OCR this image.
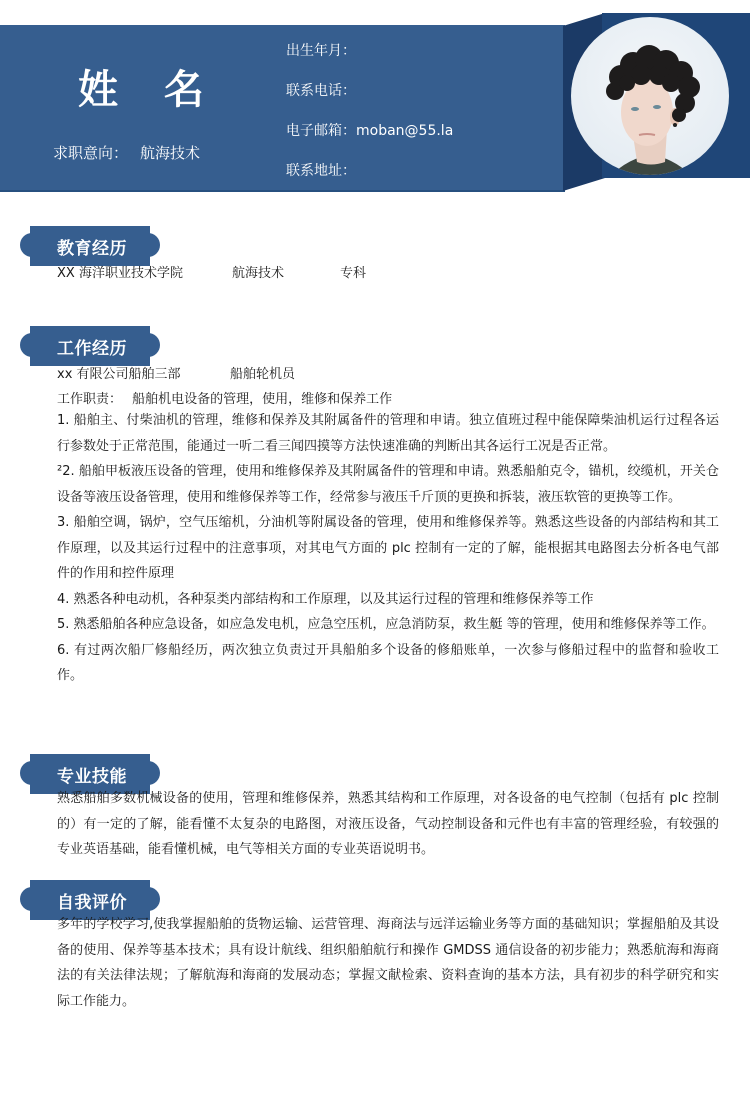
姓 名
求职意向： 航海技术
出生年月：
联系电话：
电子邮箱：moban@55.la
联系地址：
教育经历
XX 海洋职业技术学院	航海技术	专科
工作经历
xx 有限公司船舶三部	船舶轮机员
工作职责： 船舶机电设备的管理，使用，维修和保养工作

1. 船舶主、付柴油机的管理，维修和保养及其附属备件的管理和申请。独立值班过程中能保障柴油机运行过程各运行参数处于正常范围，能通过一听二看三闻四摸等方法快速准确的判断出其各运行工况是否正常。

²2. 船舶甲板液压设备的管理，使用和维修保养及其附属备件的管理和申请。熟悉船舶克令，锚机，绞缆机，开关仓设备等液压设备管理，使用和维修保养等工作，经常参与液压千斤顶的更换和拆装，液压软管的更换等工作。

3. 船舶空调，锅炉，空气压缩机，分油机等附属设备的管理，使用和维修保养等。熟悉这些设备的内部结构和其工作原理，以及其运行过程中的注意事项，对其电气方面的 plc 控制有一定的了解，能根据其电路图去分析各电气部件的作用和控件原理

4. 熟悉各种电动机，各种泵类内部结构和工作原理，以及其运行过程的管理和维修保养等工作

5. 熟悉船舶各种应急设备，如应急发电机，应急空压机，应急消防泵，救生艇 等的管理，使用和维修保养等工作。

6. 有过两次船厂修船经历，两次独立负责过开具船舶多个设备的修船账单，一次参与修船过程中的监督和验收工作。

专业技能
熟悉船舶多数机械设备的使用，管理和维修保养，熟悉其结构和工作原理，对各设备的电气控制（包括有 plc 控制的）有一定的了解，能看懂不太复杂的电路图，对液压设备，气动控制设备和元件也有丰富的管理经验，有较强的专业英语基础，能看懂机械，电气等相关方面的专业英语说明书。
自我评价
多年的学校学习,使我掌握船舶的货物运输、运营管理、海商法与远洋运输业务等方面的基础知识；掌握船舶及其设备的使用、保养等基本技术；具有设计航线、组织船舶航行和操作 GMDSS 通信设备的初步能力；熟悉航海和海商法的有关法律法规；了解航海和海商的发展动态；掌握文献检索、资料查询的基本方法，具有初步的科学研究和实际工作能力。
